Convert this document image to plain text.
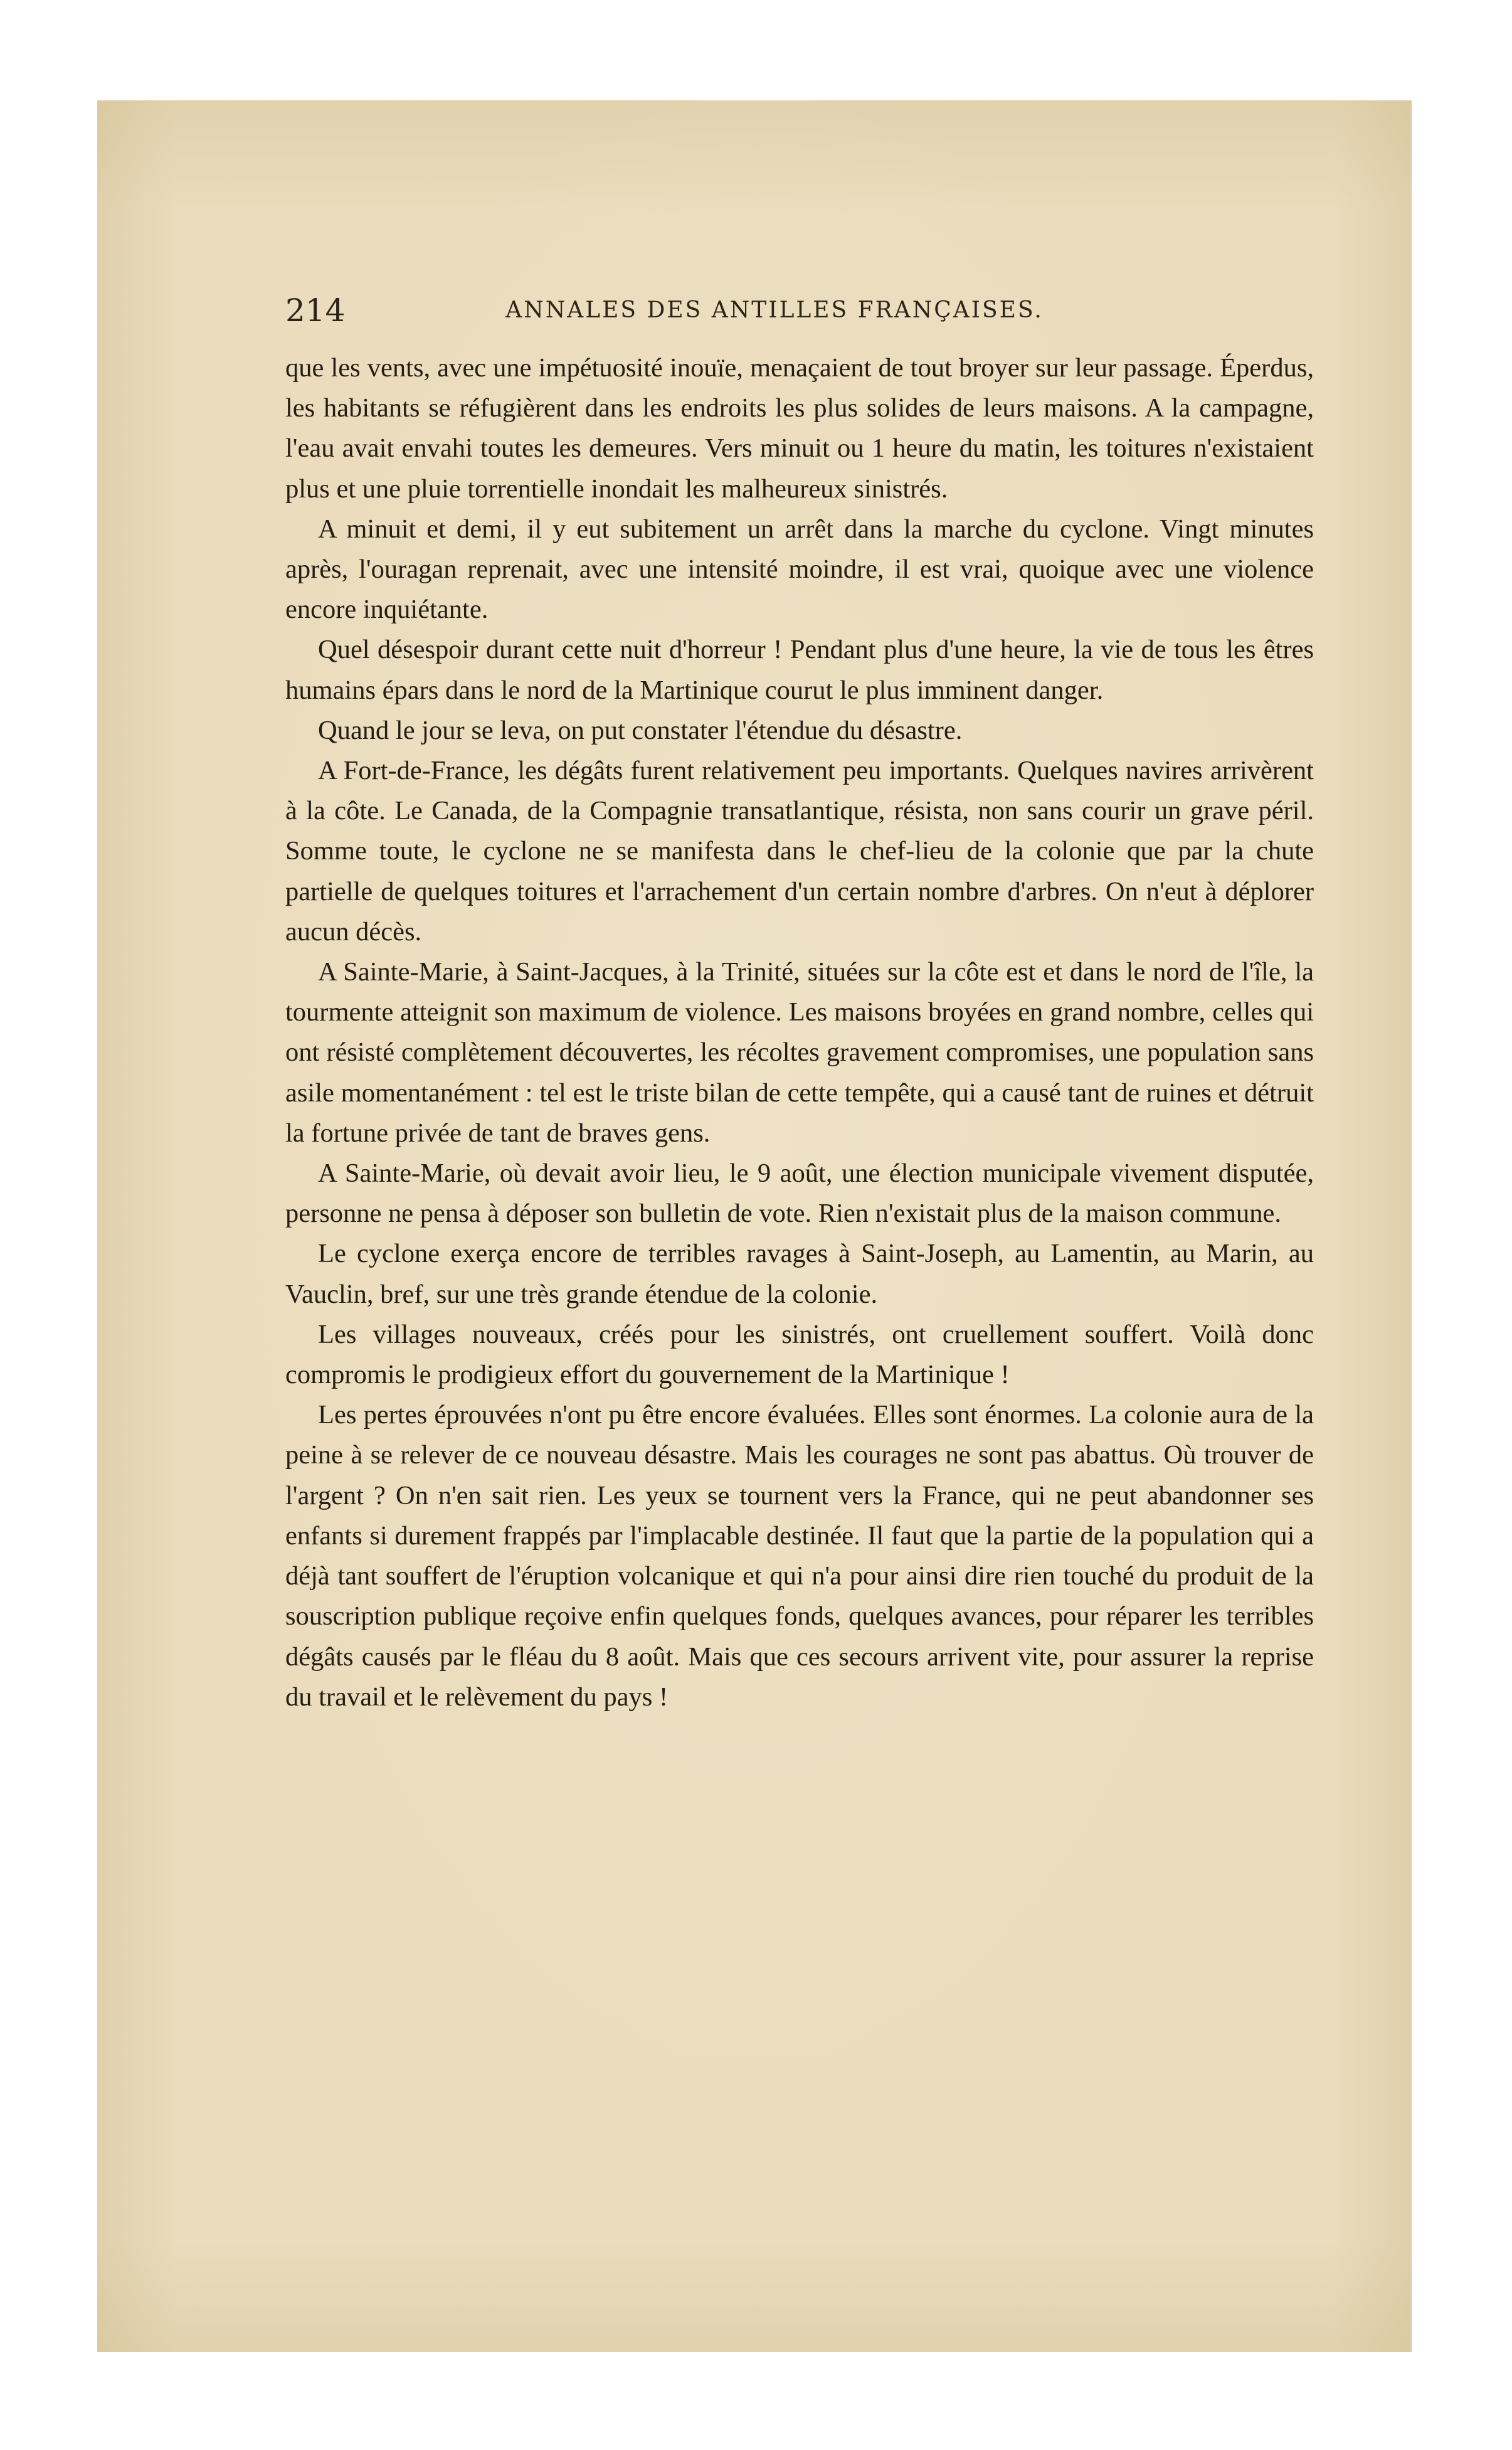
214	ANNALES DES ANTILLES FRANÇAISES.

que les vents, avec une impétuosité inouïe, menaçaient de tout broyer sur leur passage. Éperdus, les habitants se réfugièrent dans les endroits les plus solides de leurs maisons. A la campagne, l'eau avait envahi toutes les demeures. Vers minuit ou 1 heure du matin, les toitures n'existaient plus et une pluie torrentielle inondait les malheureux sinistrés.

A minuit et demi, il y eut subitement un arrêt dans la marche du cyclone. Vingt minutes après, l'ouragan reprenait, avec une intensité moindre, il est vrai, quoique avec une violence encore inquiétante.

Quel désespoir durant cette nuit d'horreur ! Pendant plus d'une heure, la vie de tous les êtres humains épars dans le nord de la Martinique courut le plus imminent danger.

Quand le jour se leva, on put constater l'étendue du désastre.

A Fort-de-France, les dégâts furent relativement peu importants. Quelques navires arrivèrent à la côte. Le Canada, de la Compagnie transatlantique, résista, non sans courir un grave péril. Somme toute, le cyclone ne se manifesta dans le chef-lieu de la colonie que par la chute partielle de quelques toitures et l'arrachement d'un certain nombre d'arbres. On n'eut à déplorer aucun décès.

A Sainte-Marie, à Saint-Jacques, à la Trinité, situées sur la côte est et dans le nord de l'île, la tourmente atteignit son maximum de violence. Les maisons broyées en grand nombre, celles qui ont résisté complètement découvertes, les récoltes gravement compromises, une population sans asile momentanément : tel est le triste bilan de cette tempête, qui a causé tant de ruines et détruit la fortune privée de tant de braves gens.

A Sainte-Marie, où devait avoir lieu, le 9 août, une élection municipale vivement disputée, personne ne pensa à déposer son bulletin de vote. Rien n'existait plus de la maison commune.

Le cyclone exerça encore de terribles ravages à Saint-Joseph, au Lamentin, au Marin, au Vauclin, bref, sur une très grande étendue de la colonie.

Les villages nouveaux, créés pour les sinistrés, ont cruellement souffert. Voilà donc compromis le prodigieux effort du gouvernement de la Martinique !

Les pertes éprouvées n'ont pu être encore évaluées. Elles sont énormes. La colonie aura de la peine à se relever de ce nouveau désastre. Mais les courages ne sont pas abattus. Où trouver de l'argent ? On n'en sait rien. Les yeux se tournent vers la France, qui ne peut abandonner ses enfants si durement frappés par l'implacable destinée. Il faut que la partie de la population qui a déjà tant souffert de l'éruption volcanique et qui n'a pour ainsi dire rien touché du produit de la souscription publique reçoive enfin quelques fonds, quelques avances, pour réparer les terribles dégâts causés par le fléau du 8 août. Mais que ces secours arrivent vite, pour assurer la reprise du travail et le relèvement du pays !
